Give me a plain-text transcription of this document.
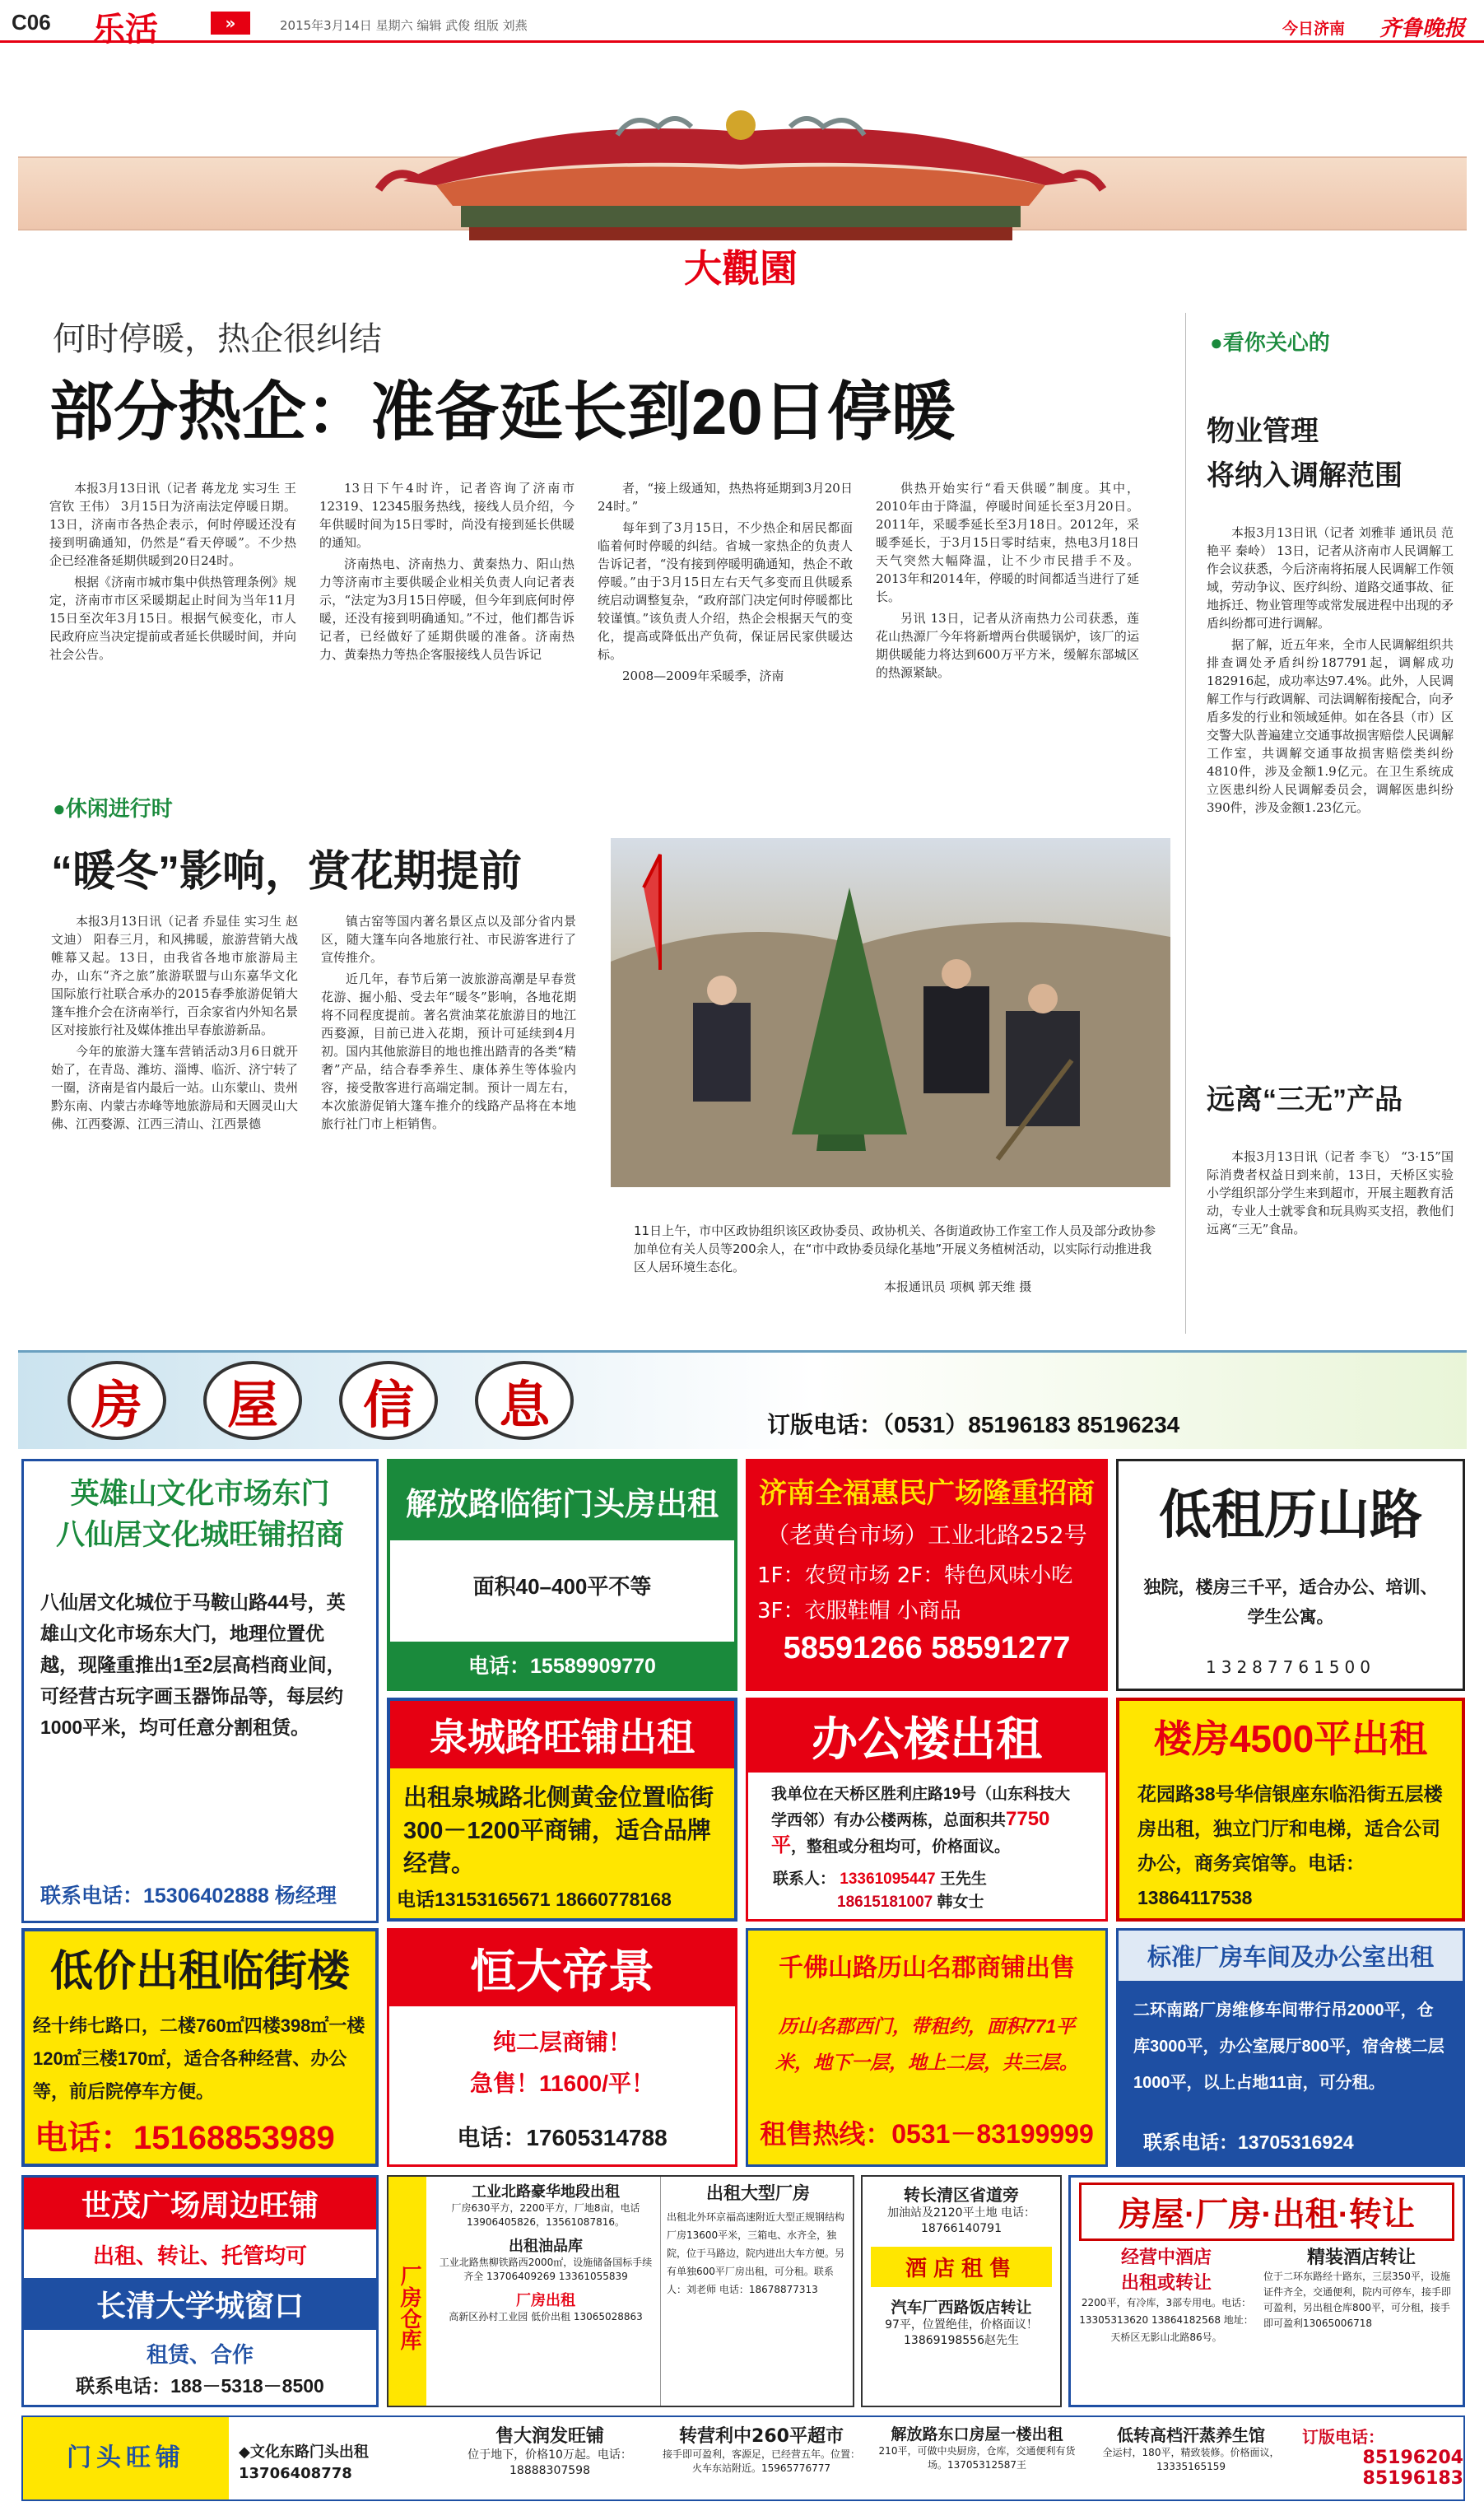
C06 乐活	»	2015年3月14日 星期六 编辑 武俊 组版 刘燕	今日济南 齐鲁晚报
大觀園
何时停暖，热企很纠结
部分热企：准备延长到20日停暖

本报3月13日讯（记者 蒋龙龙 实习生 王宫钦 王伟） 3月15日为济南法定停暖日期。13日，济南市各热企表示，何时停暖还没有接到明确通知，仍然是“看天停暖”。不少热企已经准备延期供暖到20日24时。

根据《济南市城市集中供热管理条例》规定，济南市市区采暖期起止时间为当年11月15日至次年3月15日。根据气候变化，市人民政府应当决定提前或者延长供暖时间，并向社会公告。

13日下午4时许，记者咨询了济南市12319、12345服务热线，接线人员介绍，今年供暖时间为15日零时，尚没有接到延长供暖的通知。

济南热电、济南热力、黄秦热力、阳山热力等济南市主要供暖企业相关负责人向记者表示，“法定为3月15日停暖，但今年到底何时停暖，还没有接到明确通知。”不过，他们都告诉记者，已经做好了延期供暖的准备。济南热力、黄秦热力等热企客服接线人员告诉记

者，“接上级通知，热热将延期到3月20日24时。”

每年到了3月15日，不少热企和居民都面临着何时停暖的纠结。省城一家热企的负责人告诉记者，“没有接到停暖明确通知，热企不敢停暖。”由于3月15日左右天气多变而且供暖系统启动调整复杂，“政府部门决定何时停暖都比较谨慎。”该负责人介绍，热企会根据天气的变化，提高或降低出产负荷，保证居民家供暖达标。

2008—2009年采暖季，济南

供热开始实行“看天供暖”制度。其中，2010年由于降温，停暖时间延长至3月20日。2011年，采暖季延长至3月18日。2012年，采暖季延长，于3月15日零时结束，热电3月18日天气突然大幅降温，让不少市民措手不及。2013年和2014年，停暖的时间都适当进行了延长。

另讯 13日，记者从济南热力公司获悉，莲花山热源厂今年将新增两台供暖锅炉，该厂的运期供暖能力将达到600万平方米，缓解东部城区的热源紧缺。

●看你关心的
物业管理
将纳入调解范围

本报3月13日讯（记者 刘雅菲 通讯员 范艳平 秦岭） 13日，记者从济南市人民调解工作会议获悉，今后济南将拓展人民调解工作领域，劳动争议、医疗纠纷、道路交通事故、征地拆迁、物业管理等或常发展进程中出现的矛盾纠纷都可进行调解。

据了解，近五年来，全市人民调解组织共排查调处矛盾纠纷187791起，调解成功182916起，成功率达97.4%。此外，人民调解工作与行政调解、司法调解衔接配合，向矛盾多发的行业和领域延伸。如在各县（市）区交警大队普遍建立交通事故损害赔偿人民调解工作室，共调解交通事故损害赔偿类纠纷4810件，涉及金额1.9亿元。在卫生系统成立医患纠纷人民调解委员会，调解医患纠纷390件，涉及金额1.23亿元。

远离“三无”产品

本报3月13日讯（记者 李飞） “3·15”国际消费者权益日到来前，13日，天桥区实验小学组织部分学生来到超市，开展主题教育活动，专业人士就零食和玩具购买支招，教他们远离“三无”食品。

●休闲进行时
“暖冬”影响，赏花期提前

本报3月13日讯（记者 乔显佳 实习生 赵文迪） 阳春三月，和风拂暖，旅游营销大战帷幕又起。13日，由我省各地市旅游局主办，山东“齐之旅”旅游联盟与山东嘉华文化国际旅行社联合承办的2015春季旅游促销大篷车推介会在济南举行，百余家省内外知名景区对接旅行社及媒体推出早春旅游新品。

今年的旅游大篷车营销活动3月6日就开始了，在青岛、潍坊、淄博、临沂、济宁转了一圈，济南是省内最后一站。山东蒙山、贵州黔东南、内蒙古赤峰等地旅游局和天圆灵山大佛、江西婺源、江西三清山、江西景德

镇古窑等国内著名景区点以及部分省内景区，随大篷车向各地旅行社、市民游客进行了宣传推介。

近几年，春节后第一波旅游高潮是早春赏花游、掘小船、受去年“暖冬”影响，各地花期将不同程度提前。著名赏油菜花旅游目的地江西婺源，目前已进入花期，预计可延续到4月初。国内其他旅游目的地也推出踏青的各类“精奢”产品，结合春季养生、康体养生等体验内容，接受散客进行高端定制。预计一周左右，本次旅游促销大篷车推介的线路产品将在本地旅行社门市上柜销售。

11日上午，市中区政协组织该区政协委员、政协机关、各街道政协工作室工作人员及部分政协参加单位有关人员等200余人，在“市中政协委员绿化基地”开展义务植树活动，以实际行动推进我区人居环境生态化。
本报通讯员 项枫 郭天维 摄
房 屋 信 息	订版电话：（0531）85196183 85196234
英雄山文化市场东门
八仙居文化城旺铺招商
八仙居文化城位于马鞍山路44号，英雄山文化市场东大门，地理位置优越，现隆重推出1至2层高档商业间，可经营古玩字画玉器饰品等，每层约1000平米，均可任意分割租赁。
联系电话：15306402888 杨经理
解放路临街门头房出租
面积40–400平不等
电话：15589909770
济南全福惠民广场隆重招商
（老黄台市场）工业北路252号
1F：农贸市场 2F：特色风味小吃
3F：衣服鞋帽 小商品
58591266 58591277
低租历山路
独院，楼房三千平，适合办公、培训、学生公寓。
13287761500
泉城路旺铺出租
出租泉城路北侧黄金位置临街300－1200平商铺，适合品牌经营。
电话13153165671 18660778168
办公楼出租
我单位在天桥区胜利庄路19号（山东科技大学西邻）有办公楼两栋，总面积共7750平，整租或分租均可，价格面议。
联系人： 13361095447 王先生
18615181007 韩女士
楼房4500平出租
花园路38号华信银座东临沿街五层楼房出租，独立门厅和电梯，适合公司办公，商务宾馆等。电话：13864117538
低价出租临街楼
经十纬七路口，二楼760㎡四楼398㎡一楼120㎡三楼170㎡，适合各种经营、办公等，前后院停车方便。
电话：15168853989
恒大帝景
纯二层商铺！
急售！11600/平！
电话：17605314788
千佛山路历山名郡商铺出售
历山名郡西门，带租约，面积771平米，地下一层，地上二层，共三层。
租售热线：0531－83199999
标准厂房车间及办公室出租
二环南路厂房维修车间带行吊2000平，仓库3000平，办公室展厅800平，宿舍楼二层1000平，以上占地11亩，可分租。
联系电话：13705316924
世茂广场周边旺铺
出租、转让、托管均可
长清大学城窗口
租赁、合作
联系电话：188－5318－8500
厂房仓库
工业北路豪华地段出租
厂房630平方，2200平方，厂地8亩，电话13906405826，13561087816。
出租油品库
工业北路焦柳铁路西2000㎡，设施储备国标手续齐全 13706409269 13361055839
厂房出租
高新区孙村工业园 低价出租 13065028863
出租大型厂房
出租北外环京福高速附近大型正规钢结构厂房13600平米，三箱电、水齐全，独院，位于马路边，院内进出大车方便。另有单独600平厂房出租，可分租。联系人：刘老师 电话：18678877313
转长清区省道旁
加油站及2120平土地 电话：18766140791
酒店租售
汽车厂西路饭店转让
97平，位置绝佳，价格面议！13869198556赵先生
房屋·厂房·出租·转让
经营中酒店
出租或转让
2200平，有冷库，3部专用电。电话：13305313620 13864182568 地址：天桥区无影山北路86号。
精装酒店转让
位于二环东路经十路东，三层350平，设施证件齐全，交通便利，院内可停车，接手即可盈利，另出租仓库800平，可分租，接手即可盈利13065006718
门头旺铺	◆文化东路门头出租 13706408778
售大润发旺铺
位于地下，价格10万起。电话：18888307598
转营利中260平超市
接手即可盈利，客源足，已经营五年。位置：火车东站附近。15965776777
解放路东口房屋一楼出租
210平，可做中央厨房，仓库，交通便利有货场。13705312587王
低转高档汗蒸养生馆
全运村，180平，精致装修。价格面议，13335165159
订版电话：
85196204
85196183
